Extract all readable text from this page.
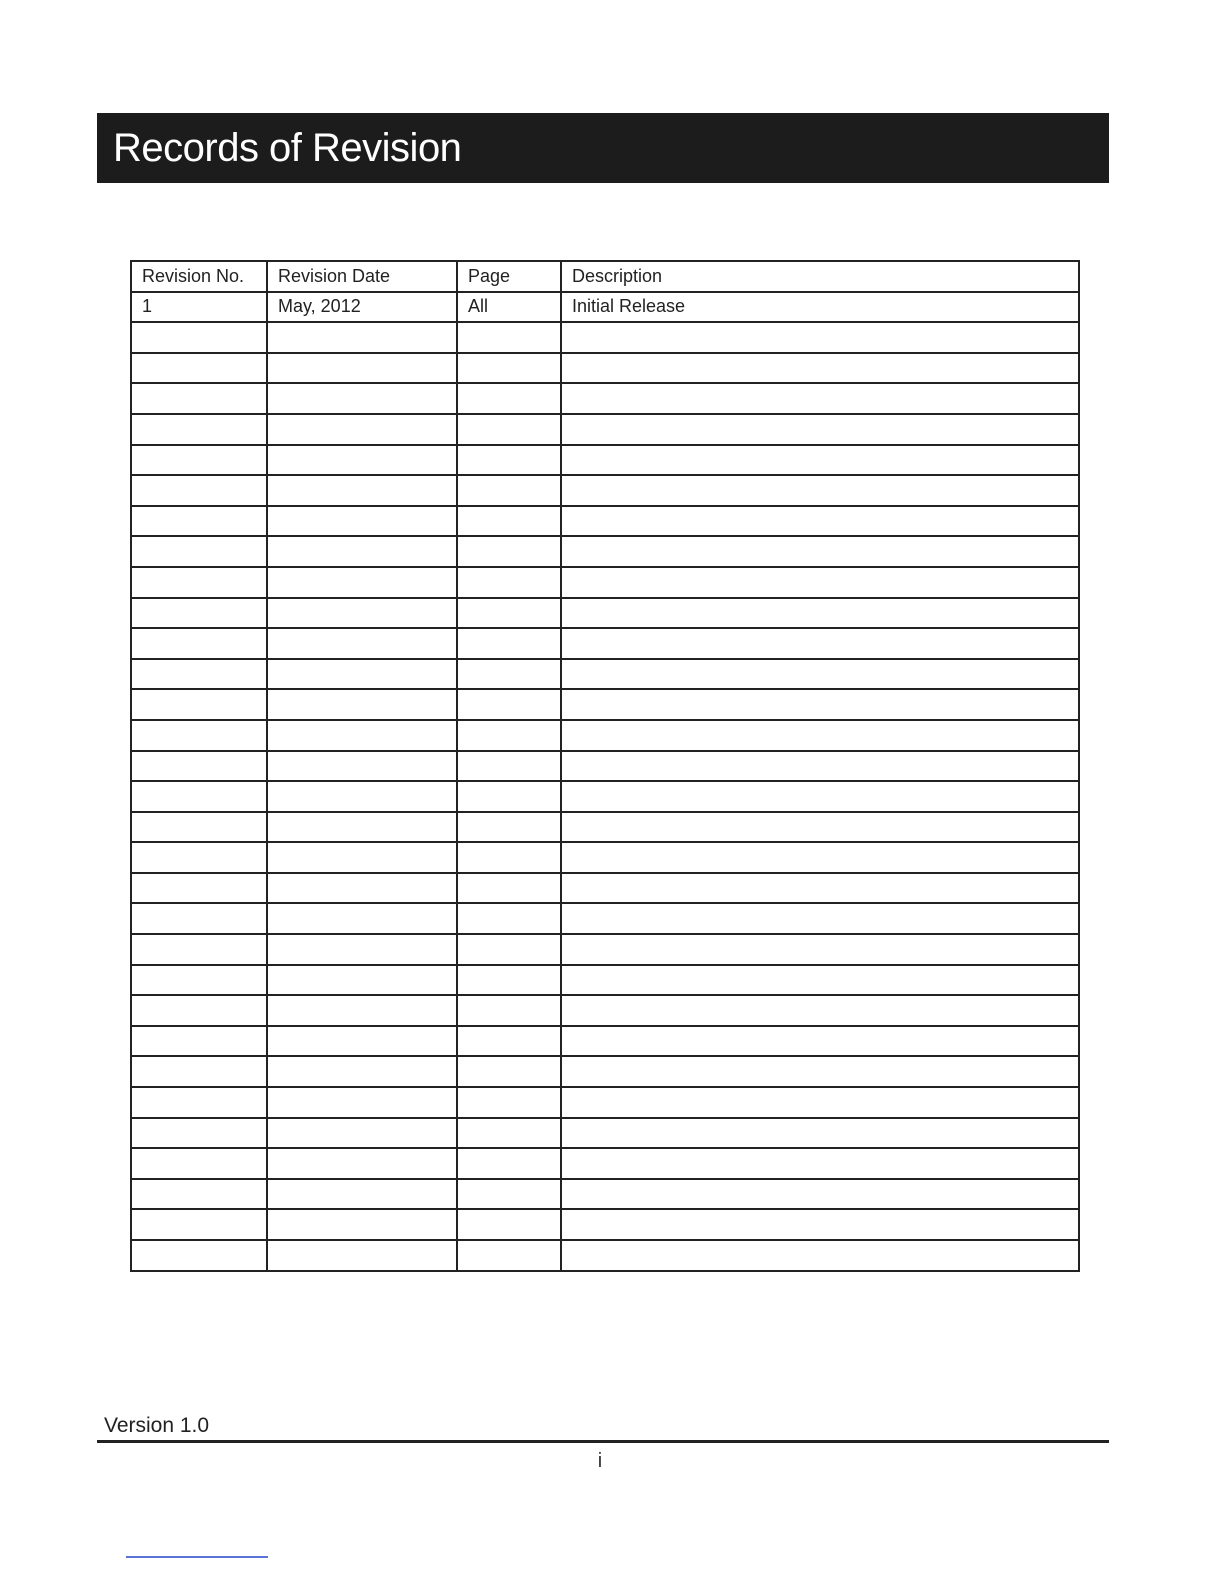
Records of Revision
Revision No.	Revision Date	Page	Description
1	May, 2012	All	Initial Release

Version 1.0
i
